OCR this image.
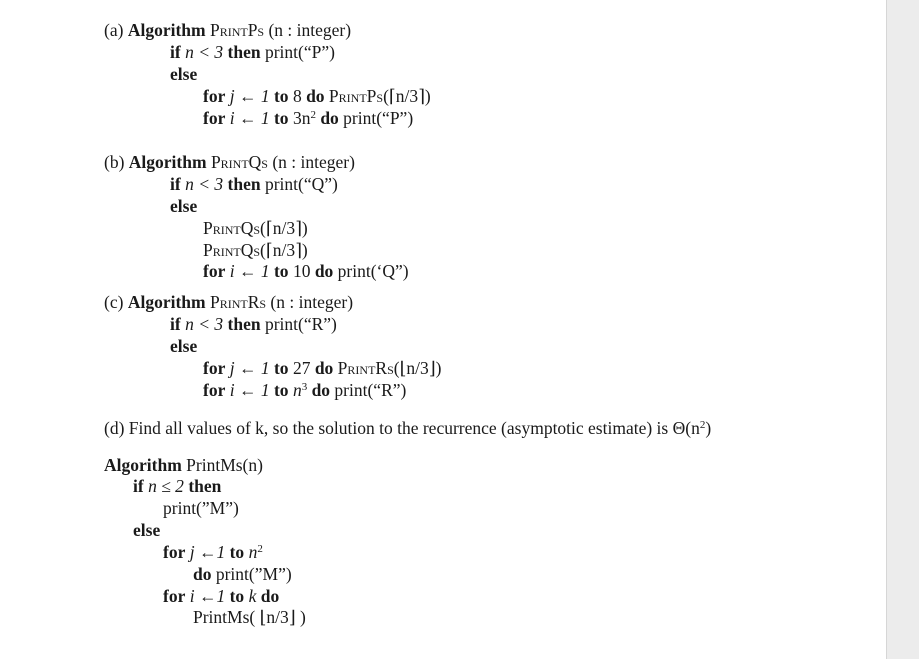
(a) Algorithm PrintPs (n : integer)
if n < 3 then print(“P”)
else
for j ← 1 to 8 do PrintPs(⌈n/3⌉)
for i ← 1 to $3n^2$ do print(“P”)
(b) Algorithm PrintQs (n : integer)
if n < 3 then print(“Q”)
else
PrintQs(⌈n/3⌉)
PrintQs(⌈n/3⌉)
for i ← 1 to 10 do print(‘Q”)
(c) Algorithm PrintRs (n : integer)
if n < 3 then print(“R”)
else
for j ← 1 to 27 do PrintRs(⌊n/3⌋)
for i ← 1 to $n^3$ do print(“R”)
(d) Find all values of k, so the solution to the recurrence (asymptotic estimate) is $\Theta(n^2)$
Algorithm PrintMs(n)
if n ≤ 2 then
print(”M”)
else
for j ←1 to $n^2$
do print(”M”)
for i ←1 to k do
PrintMs( ⌊n/3⌋ )
